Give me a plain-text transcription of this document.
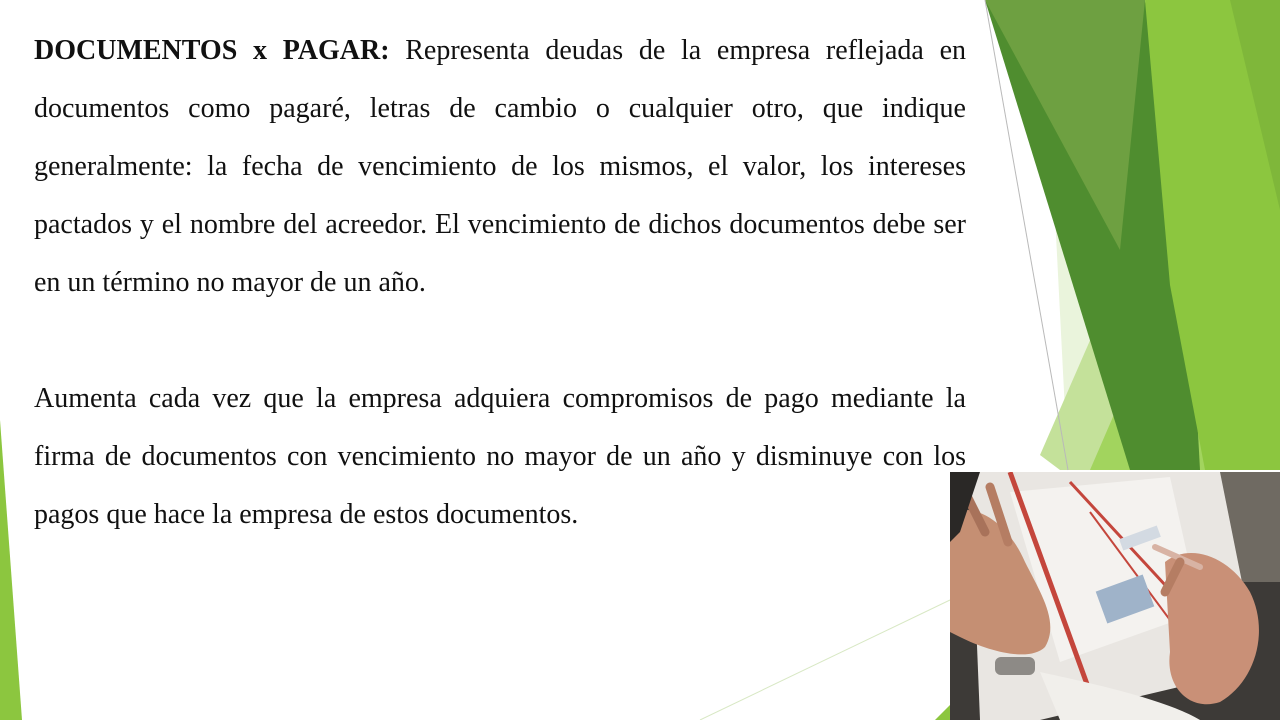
DOCUMENTOS x PAGAR: Representa deudas de la empresa reflejada en documentos como pagaré, letras de cambio o cualquier otro, que indique generalmente: la fecha de vencimiento de los mismos, el valor, los intereses pactados y el nombre del acreedor. El vencimiento de dichos documentos debe ser en un término no mayor de un año.

Aumenta cada vez que la empresa adquiera compromisos de pago mediante la firma de documentos con vencimiento no mayor de un año y disminuye con los pagos que hace la empresa de estos documentos.
